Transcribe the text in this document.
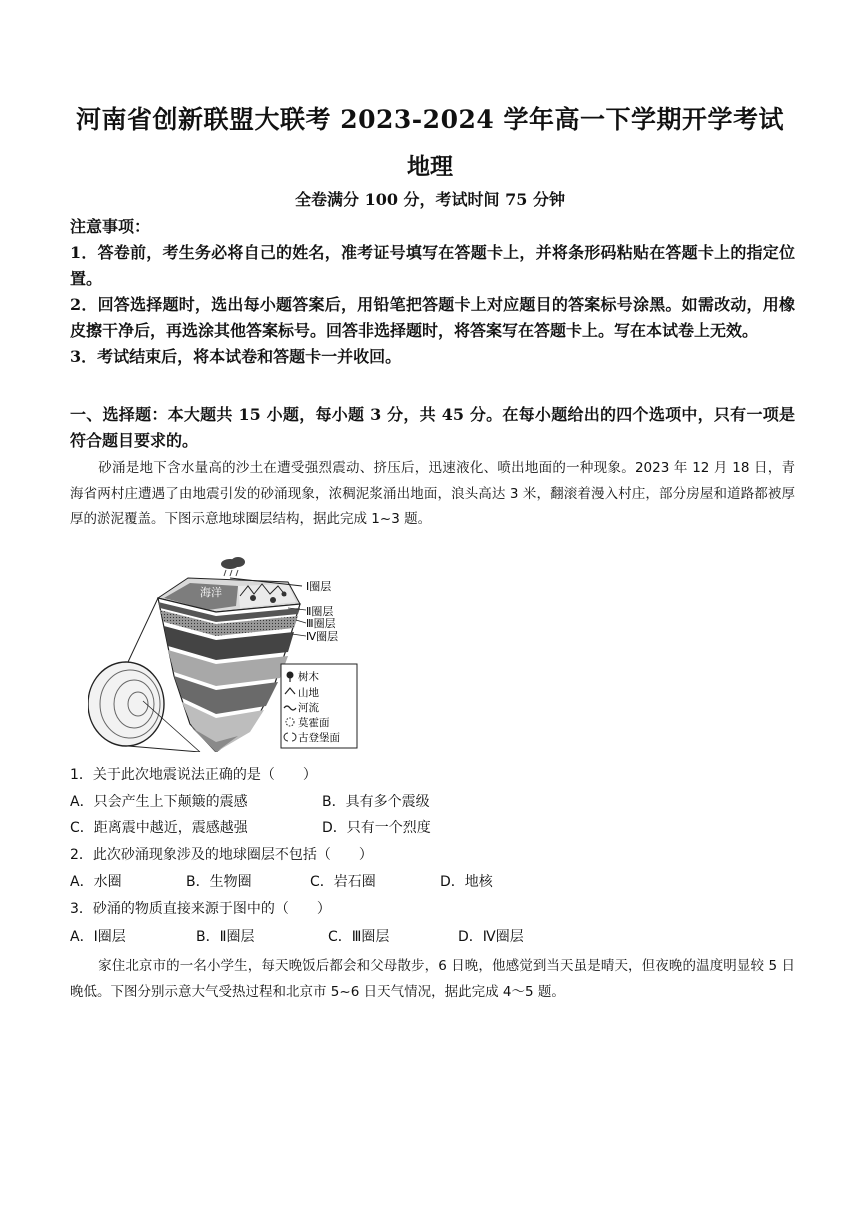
河南省创新联盟大联考 2023-2024 学年高一下学期开学考试
地理
全卷满分 100 分，考试时间 75 分钟
注意事项：

1．答卷前，考生务必将自己的姓名，准考证号填写在答题卡上，并将条形码粘贴在答题卡上的指定位置。

2．回答选择题时，选出每小题答案后，用铅笔把答题卡上对应题目的答案标号涂黑。如需改动，用橡皮擦干净后，再选涂其他答案标号。回答非选择题时，将答案写在答题卡上。写在本试卷上无效。

3．考试结束后，将本试卷和答题卡一并收回。

一、选择题：本大题共 15 小题，每小题 3 分，共 45 分。在每小题给出的四个选项中，只有一项是符合题目要求的。
砂涌是地下含水量高的沙土在遭受强烈震动、挤压后，迅速液化、喷出地面的一种现象。2023 年 12 月 18 日，青海省两村庄遭遇了由地震引发的砂涌现象，浓稠泥浆涌出地面，浪头高达 3 米，翻滚着漫入村庄，部分房屋和道路都被厚厚的淤泥覆盖。下图示意地球圈层结构，据此完成 1~3 题。
海洋	Ⅰ圈层
Ⅱ圈层
Ⅲ圈层
Ⅳ圈层
树木
山地
河流
莫霍面
古登堡面
1．关于此次地震说法正确的是（　　）
A．只会产生上下颠簸的震感	B．具有多个震级
C．距离震中越近，震感越强	D．只有一个烈度
2．此次砂涌现象涉及的地球圈层不包括（　　）
A．水圈	B．生物圈	C．岩石圈	D．地核
3．砂涌的物质直接来源于图中的（　　）
A．Ⅰ圈层	B．Ⅱ圈层	C．Ⅲ圈层	D．Ⅳ圈层
家住北京市的一名小学生，每天晚饭后都会和父母散步，6 日晚，他感觉到当天虽是晴天，但夜晚的温度明显较 5 日晚低。下图分别示意大气受热过程和北京市 5~6 日天气情况，据此完成 4～5 题。
